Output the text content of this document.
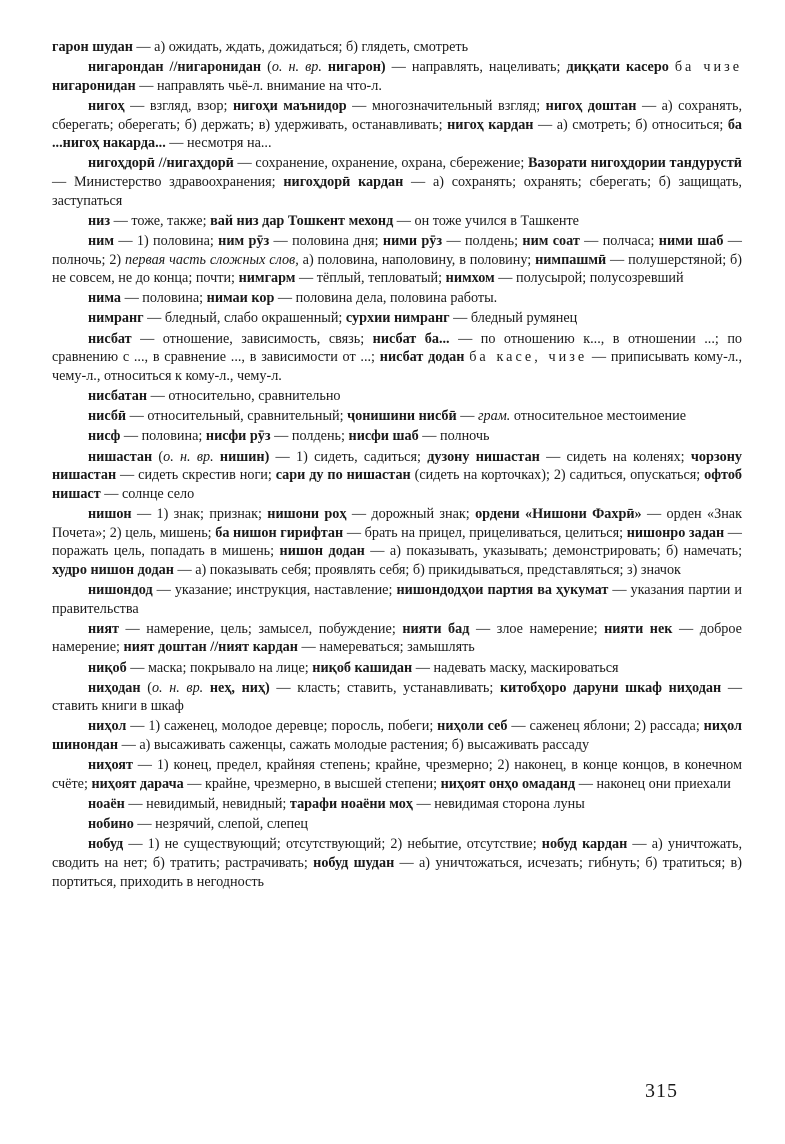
гарон шудан — а) ожидать, ждать, дожидаться; б) глядеть, смотреть

нигарондан //нигаронидан (о. н. вр. нигарон) — направлять, нацеливать; диққати касеро ба чизе нигаронидан — направлять чьё-л. внимание на что-л.

нигоҳ — взгляд, взор; нигоҳи маънидор — многозначительный взгляд; нигоҳ доштан — а) сохранять, сберегать; оберегать; б) держать; в) удерживать, останавливать; нигоҳ кардан — а) смотреть; б) относиться; ба ...нигоҳ накарда... — несмотря на...

нигоҳдорӣ //нигаҳдорӣ — сохранение, охранение, охрана, сбережение; Вазорати нигоҳдории тандурустӣ — Министерство здравоохранения; нигоҳдорӣ кардан — а) сохранять; охранять; сберегать; б) защищать, заступаться

низ — тоже, также; вай низ дар Тошкент мехонд — он тоже учился в Ташкенте

ним — 1) половина; ним рӯз — половина дня; ними рӯз — полдень; ним соат — полчаса; ними шаб — полночь; 2) первая часть сложных слов, а) половина, наполовину, в половину; нимпашмӣ — полушерстяной; б) не совсем, не до конца; почти; нимгарм — тёплый, тепловатый; нимхом — полусырой; полусозревший

нима — половина; нимаи кор — половина дела, половина работы.

нимранг — бледный, слабо окрашенный; сурхии нимранг — бледный румянец

нисбат — отношение, зависимость, связь; нисбат ба... — по отношению к..., в отношении ...; по сравнению с ..., в сравнение ..., в зависимости от ...; нисбат додан ба касе, чизе — приписывать кому-л., чему-л., относиться к кому-л., чему-л.

нисбатан — относительно, сравнительно

нисбӣ — относительный, сравнительный; ҷонишини нисбӣ — грам. относительное местоимение

нисф — половина; нисфи рӯз — полдень; нисфи шаб — полночь

нишастан (о. н. вр. нишин) — 1) сидеть, садиться; дузону нишастан — сидеть на коленях; чорзону нишастан — сидеть скрестив ноги; сари ду по нишастан (сидеть на корточках); 2) садиться, опускаться; офтоб нишаст — солнце село

нишон — 1) знак; признак; нишони роҳ — дорожный знак; ордени «Нишони Фахрӣ» — орден «Знак Почета»; 2) цель, мишень; ба нишон гирифтан — брать на прицел, прицеливаться, целиться; нишонро задан — поражать цель, попадать в мишень; нишон додан — а) показывать, указывать; демонстрировать; б) намечать; худро нишон додан — а) показывать себя; проявлять себя; б) прикидываться, представляться; з) значок

нишондод — указание; инструкция, наставление; нишондодҳои партия ва ҳукумат — указания партии и правительства

ният — намерение, цель; замысел, побуждение; нияти бад — злое намерение; нияти нек — доброе намерение; ният доштан //ният кардан — намереваться; замышлять

ниқоб — маска; покрывало на лице; ниқоб кашидан — надевать маску, маскироваться

ниҳодан (о. н. вр. неҳ, ниҳ) — класть; ставить, устанавливать; китобҳоро даруни шкаф ниҳодан — ставить книги в шкаф

ниҳол — 1) саженец, молодое деревце; поросль, побеги; ниҳоли себ — саженец яблони; 2) рассада; ниҳол шинондан — а) высаживать саженцы, сажать молодые растения; б) высаживать рассаду

ниҳоят — 1) конец, предел, крайняя степень; крайне, чрезмерно; 2) наконец, в конце концов, в конечном счёте; ниҳоят дарача — крайне, чрезмерно, в высшей степени; ниҳоят онҳо омаданд — наконец они приехали

ноаён — невидимый, невидный; тарафи ноаёни моҳ — невидимая сторона луны

нобино — незрячий, слепой, слепец

нобуд — 1) не существующий; отсутствующий; 2) небытие, отсутствие; нобуд кардан — а) уничтожать, сводить на нет; б) тратить; растрачивать; нобуд шудан — а) уничтожаться, исчезать; гибнуть; б) тратиться; в) портиться, приходить в негодность

315
